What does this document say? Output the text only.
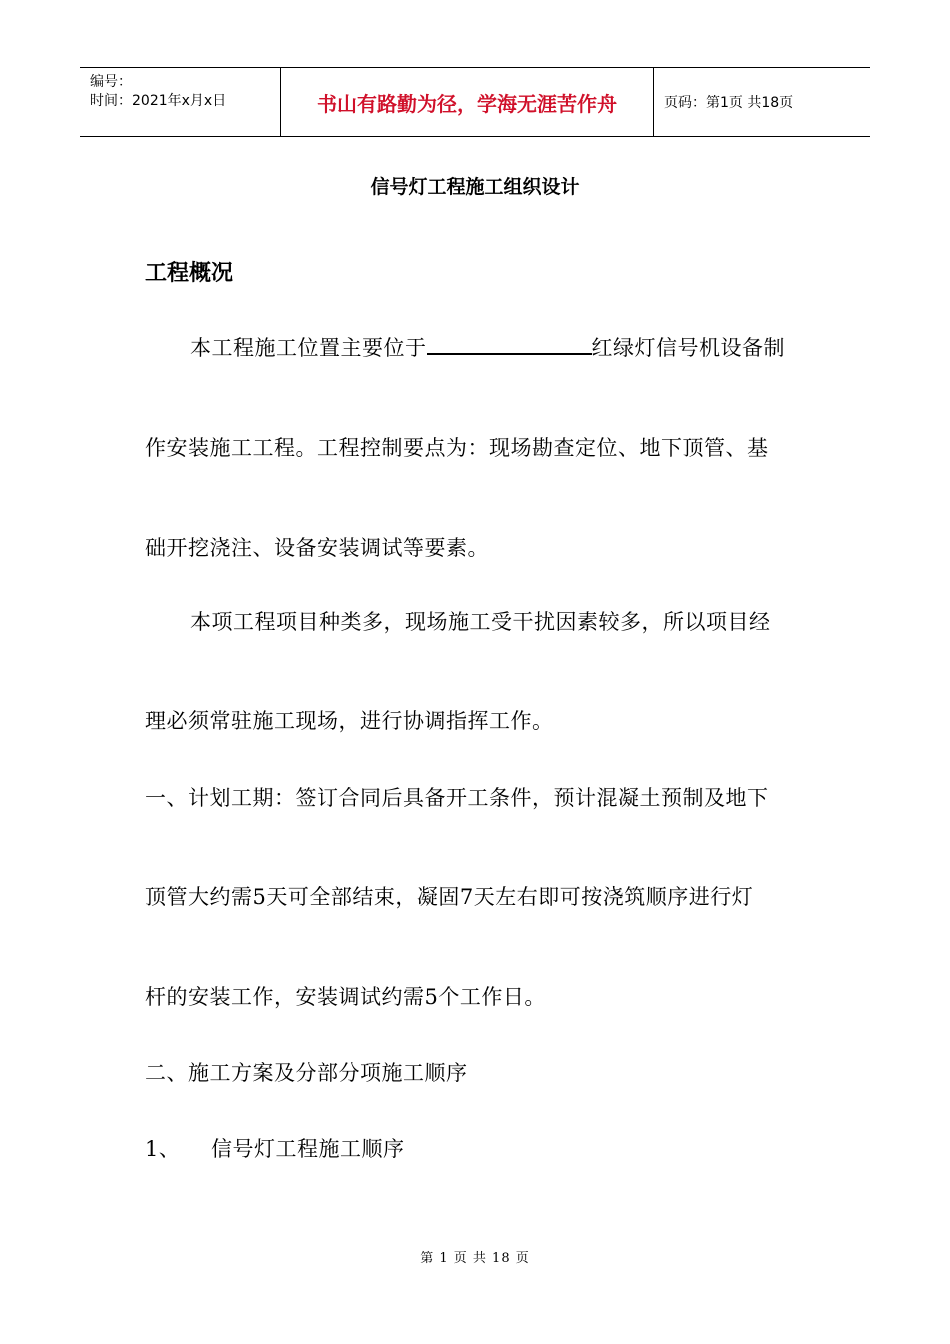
编号：
时间：2021年x月x日	书山有路勤为径，学海无涯苦作舟	页码：第1页 共18页
信号灯工程施工组织设计
工程概况
本工程施工位置主要位于	红绿灯信号机设备制
作安装施工工程。工程控制要点为：现场勘查定位、地下顶管、基
础开挖浇注、设备安装调试等要素。
本项工程项目种类多，现场施工受干扰因素较多，所以项目经
理必须常驻施工现场，进行协调指挥工作。
一、计划工期：签订合同后具备开工条件，预计混凝土预制及地下
顶管大约需5天可全部结束，凝固7天左右即可按浇筑顺序进行灯
杆的安装工作，安装调试约需5个工作日。
二、施工方案及分部分项施工顺序
1、 信号灯工程施工顺序
第 1 页 共 18 页
